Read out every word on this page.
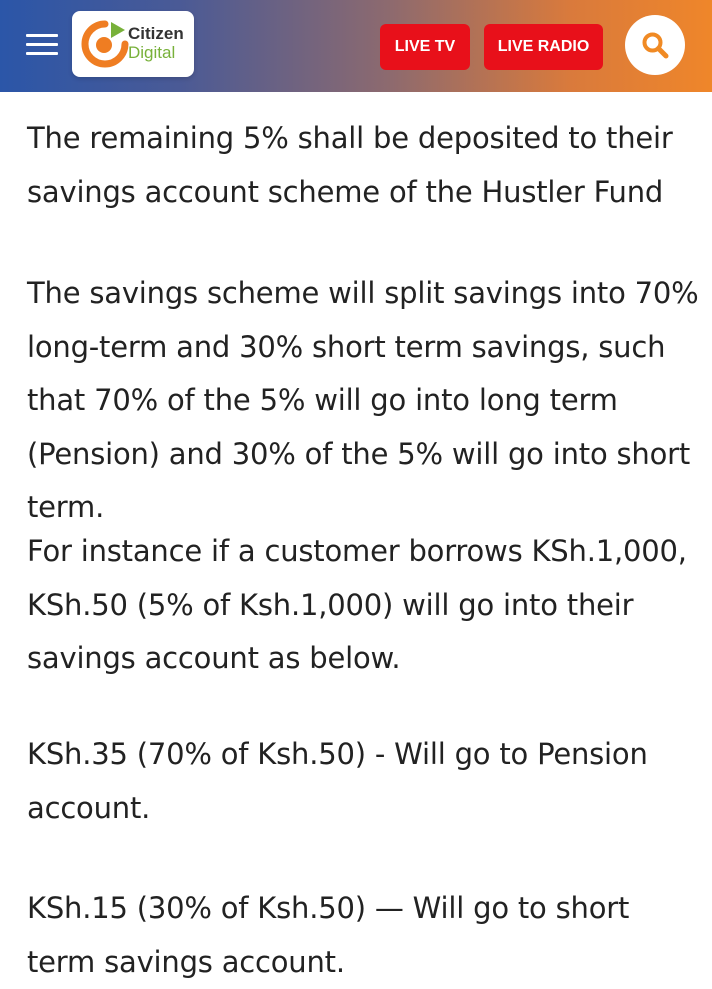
Citizen
Digital	LIVE TV	LIVE RADIO

The remaining 5% shall be deposited to their savings account scheme of the Hustler Fund

The savings scheme will split savings into 70% long-term and 30% short term savings, such that 70% of the 5% will go into long term (Pension) and 30% of the 5% will go into short term.

For instance if a customer borrows KSh.1,000, KSh.50 (5% of Ksh.1,000) will go into their savings account as below.

KSh.35 (70% of Ksh.50) - Will go to Pension account.

KSh.15 (30% of Ksh.50) — Will go to short term savings account.
